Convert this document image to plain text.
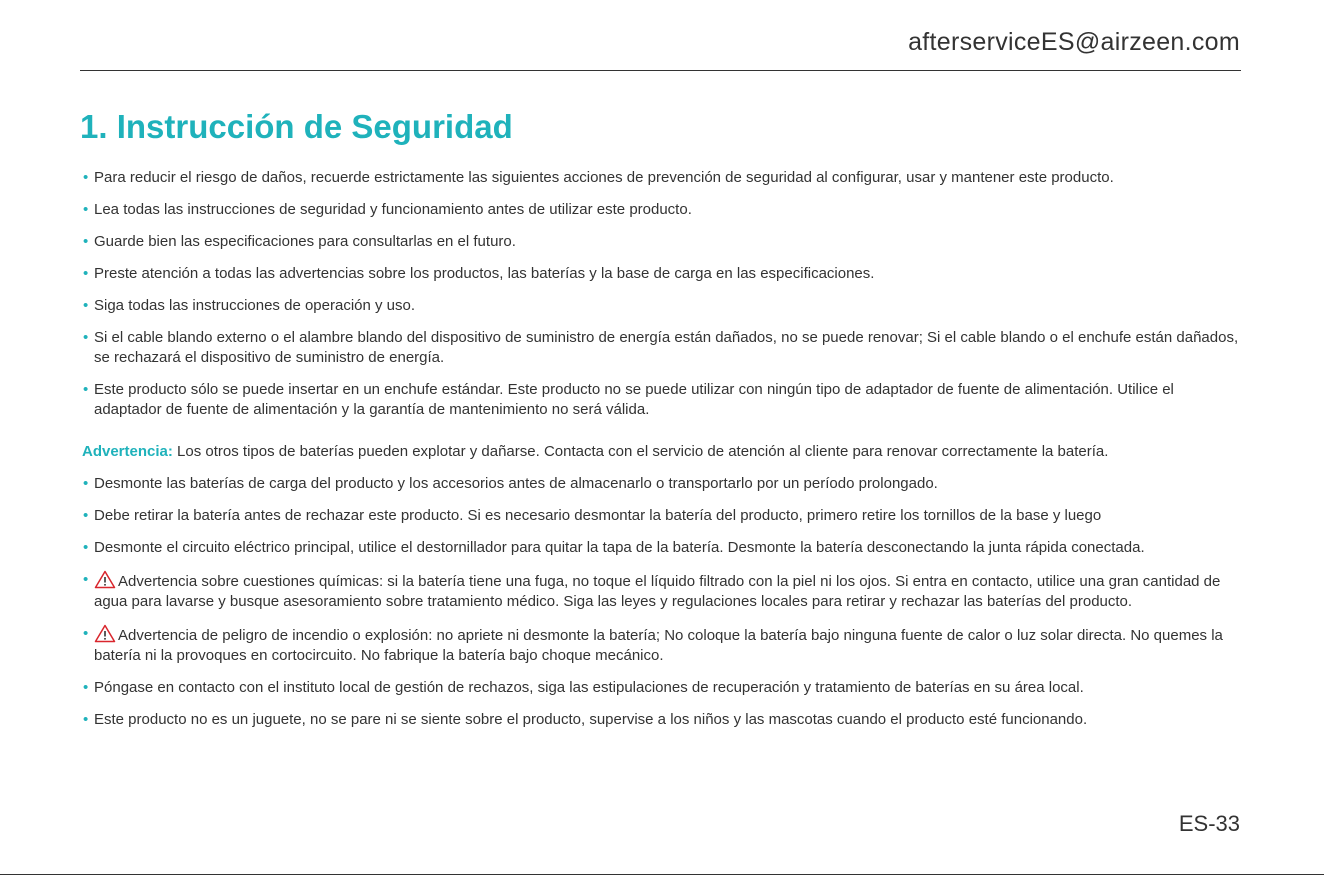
afterserviceES@airzeen.com
1. Instrucción de Seguridad
• Para reducir el riesgo de daños, recuerde estrictamente las siguientes acciones de prevención de seguridad al configurar, usar y mantener este producto.
• Lea todas las instrucciones de seguridad y funcionamiento antes de utilizar este producto.
• Guarde bien las especificaciones para consultarlas en el futuro.
• Preste atención a todas las advertencias sobre los productos, las baterías y la base de carga en las especificaciones.
• Siga todas las instrucciones de operación y uso.
• Si el cable blando externo o el alambre blando del dispositivo de suministro de energía están dañados, no se puede renovar; Si el cable blando o el enchufe están dañados, se rechazará el dispositivo de suministro de energía.
• Este producto sólo se puede insertar en un enchufe estándar. Este producto no se puede utilizar con ningún tipo de adaptador de fuente de alimentación. Utilice el adaptador de fuente de alimentación y la garantía de mantenimiento no será válida.

Advertencia: Los otros tipos de baterías pueden explotar y dañarse. Contacta con el servicio de atención al cliente para renovar correctamente la batería.

• Desmonte las baterías de carga del producto y los accesorios antes de almacenarlo o transportarlo por un período prolongado.
• Debe retirar la batería antes de rechazar este producto. Si es necesario desmontar la batería del producto, primero retire los tornillos de la base y luego
• Desmonte el circuito eléctrico principal, utilice el destornillador para quitar la tapa de la batería. Desmonte la batería desconectando la junta rápida conectada.
• Advertencia sobre cuestiones químicas: si la batería tiene una fuga, no toque el líquido filtrado con la piel ni los ojos. Si entra en contacto, utilice una gran cantidad de agua para lavarse y busque asesoramiento sobre tratamiento médico. Siga las leyes y regulaciones locales para retirar y rechazar las baterías del producto.
• Advertencia de peligro de incendio o explosión: no apriete ni desmonte la batería; No coloque la batería bajo ninguna fuente de calor o luz solar directa. No quemes la batería ni la provoques en cortocircuito. No fabrique la batería bajo choque mecánico.
• Póngase en contacto con el instituto local de gestión de rechazos, siga las estipulaciones de recuperación y tratamiento de baterías en su área local.
• Este producto no es un juguete, no se pare ni se siente sobre el producto, supervise a los niños y las mascotas cuando el producto esté funcionando.
ES-33
